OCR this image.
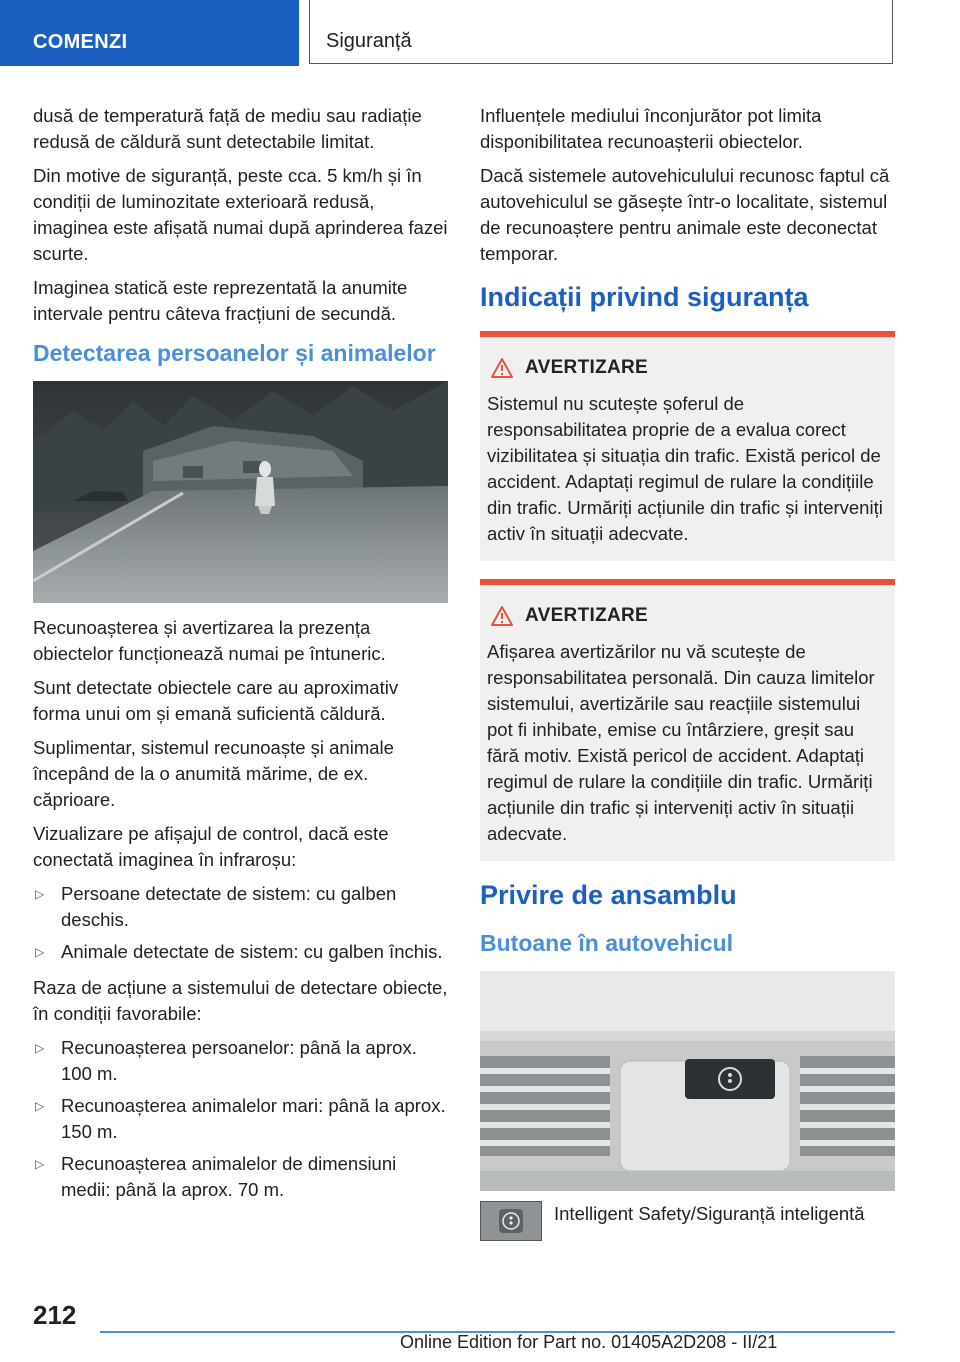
COMENZI	Siguranță

dusă de temperatură față de mediu sau radiație redusă de căldură sunt detectabile limitat.

Din motive de siguranță, peste cca. 5 km/h și în condiții de luminozitate exterioară redusă, imaginea este afișată numai după aprinderea fazei scurte.

Imaginea statică este reprezentată la anumite intervale pentru câteva fracțiuni de secundă.

Detectarea persoanelor și animalelor

Recunoașterea și avertizarea la prezența obiectelor funcționează numai pe întuneric.

Sunt detectate obiectele care au aproximativ forma unui om și emană suficientă căldură.

Suplimentar, sistemul recunoaște și animale începând de la o anumită mărime, de ex. căprioare.

Vizualizare pe afișajul de control, dacă este conectată imaginea în infraroșu:

▷ Persoane detectate de sistem: cu galben deschis.
▷ Animale detectate de sistem: cu galben închis.

Raza de acțiune a sistemului de detectare obiecte, în condiții favorabile:

▷ Recunoașterea persoanelor: până la aprox. 100 m.
▷ Recunoașterea animalelor mari: până la aprox. 150 m.
▷ Recunoașterea animalelor de dimensiuni medii: până la aprox. 70 m.

Influențele mediului înconjurător pot limita disponibilitatea recunoașterii obiectelor.

Dacă sistemele autovehiculului recunosc faptul că autovehiculul se găsește într-o localitate, sistemul de recunoaștere pentru animale este deconectat temporar.

Indicații privind siguranța
AVERTIZARE
Sistemul nu scutește șoferul de responsabilitatea proprie de a evalua corect vizibilitatea și situația din trafic. Există pericol de accident. Adaptați regimul de rulare la condițiile din trafic. Urmăriți acțiunile din trafic și interveniți activ în situații adecvate.
AVERTIZARE
Afișarea avertizărilor nu vă scutește de responsabilitatea personală. Din cauza limitelor sistemului, avertizările sau reacțiile sistemului pot fi inhibate, emise cu întârziere, greșit sau fără motiv. Există pericol de accident. Adaptați regimul de rulare la condițiile din trafic. Urmăriți acțiunile din trafic și interveniți activ în situații adecvate.
Privire de ansamblu
Butoane în autovehicul
Intelligent Safety/Siguranță inteligentă
212
Online Edition for Part no. 01405A2D208 - II/21
